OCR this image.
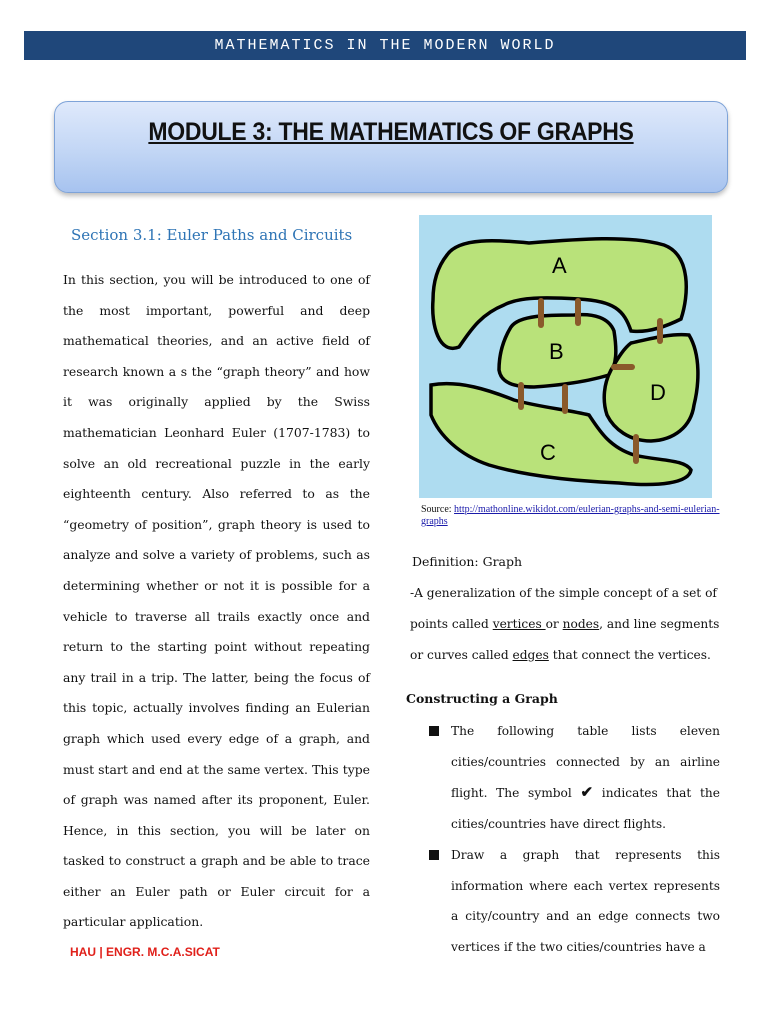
MATHEMATICS IN THE MODERN WORLD
MODULE 3: THE MATHEMATICS OF GRAPHS
Section 3.1: Euler Paths and Circuits

In this section, you will be introduced to one of the most important, powerful and deep mathematical theories, and an active field of research known a s the “graph theory” and how it was originally applied by the Swiss mathematician Leonhard Euler (1707-1783) to solve an old recreational puzzle in the early eighteenth century. Also referred to as the “geometry of position”, graph theory is used to analyze and solve a variety of problems, such as determining whether or not it is possible for a vehicle to traverse all trails exactly once and return to the starting point without repeating any trail in a trip. The latter, being the focus of this topic, actually involves finding an Eulerian graph which used every edge of a graph, and must start and end at the same vertex. This type of graph was named after its proponent, Euler. Hence, in this section, you will be later on tasked to construct a graph and be able to trace either an Euler path or Euler circuit for a particular application.

HAU | ENGR. M.C.A.SICAT
A
B
C
D
Source: http://mathonline.wikidot.com/eulerian-graphs-and-semi-eulerian-graphs
Definition: Graph
-A generalization of the simple concept of a set of points called vertices or nodes, and line segments or curves called edges that connect the vertices.
Constructing a Graph
The following table lists eleven cities/countries connected by an airline flight. The symbol ✔ indicates that the cities/countries have direct flights.
Draw a graph that represents this information where each vertex represents a city/country and an edge connects two vertices if the two cities/countries have a
